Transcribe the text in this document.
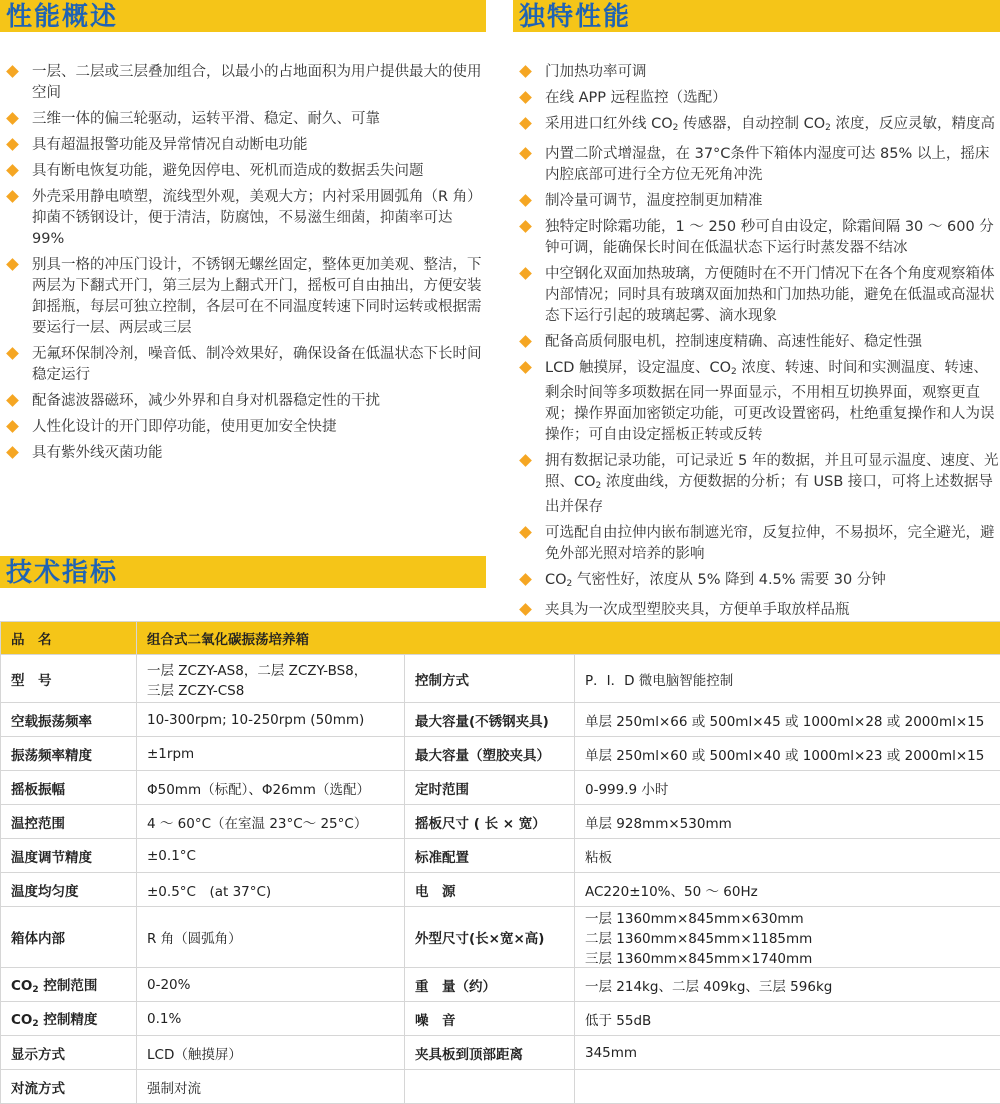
性能概述	独特性能
技术指标
一层、二层或三层叠加组合，以最小的占地面积为用户提供最大的使用空间
三维一体的偏三轮驱动，运转平滑、稳定、耐久、可靠
具有超温报警功能及异常情况自动断电功能
具有断电恢复功能，避免因停电、死机而造成的数据丢失问题
外壳采用静电喷塑，流线型外观，美观大方；内衬采用圆弧角（R 角）抑菌不锈钢设计，便于清洁，防腐蚀，不易滋生细菌，抑菌率可达 99%
别具一格的冲压门设计，不锈钢无螺丝固定，整体更加美观、整洁，下两层为下翻式开门，第三层为上翻式开门，摇板可自由抽出，方便安装卸摇瓶，每层可独立控制，各层可在不同温度转速下同时运转或根据需要运行一层、两层或三层
无氟环保制冷剂，噪音低、制冷效果好，确保设备在低温状态下长时间稳定运行
配备滤波器磁环，减少外界和自身对机器稳定性的干扰
人性化设计的开门即停功能，使用更加安全快捷
具有紫外线灭菌功能
门加热功率可调
在线 APP 远程监控（选配）
采用进口红外线 $CO_2$ 传感器，自动控制 $CO_2$ 浓度，反应灵敏，精度高
内置二阶式增湿盘，在 37°C条件下箱体内湿度可达 85% 以上，摇床内腔底部可进行全方位无死角冲洗
制冷量可调节，温度控制更加精准
独特定时除霜功能，1 ～ 250 秒可自由设定，除霜间隔 30 ～ 600 分钟可调，能确保长时间在低温状态下运行时蒸发器不结冰
中空钢化双面加热玻璃，方便随时在不开门情况下在各个角度观察箱体内部情况；同时具有玻璃双面加热和门加热功能，避免在低温或高湿状态下运行引起的玻璃起雾、滴水现象
配备高质伺服电机，控制速度精确、高速性能好、稳定性强
LCD 触摸屏，设定温度、$CO_2$ 浓度、转速、时间和实测温度、转速、剩余时间等多项数据在同一界面显示，不用相互切换界面，观察更直观；操作界面加密锁定功能，可更改设置密码，杜绝重复操作和人为误操作；可自由设定摇板正转或反转
拥有数据记录功能，可记录近 5 年的数据，并且可显示温度、速度、光照、$CO_2$ 浓度曲线，方便数据的分析；有 USB 接口，可将上述数据导出并保存
可选配自由拉伸内嵌布制遮光帘，反复拉伸，不易损坏，完全避光，避免外部光照对培养的影响
$CO_2$ 气密性好，浓度从 5% 降到 4.5% 需要 30 分钟
夹具为一次成型塑胶夹具，方便单手取放样品瓶
品　名	组合式二氧化碳振荡培养箱		
型　号	一层 ZCZY-AS8，二层 ZCZY-BS8，
三层 ZCZY-CS8	控制方式	P．I．D 微电脑智能控制
空载振荡频率	10-300rpm; 10-250rpm (50mm)	最大容量(不锈钢夹具)	单层 250ml×66 或 500ml×45 或 1000ml×28 或 2000ml×15
振荡频率精度	±1rpm	最大容量（塑胶夹具）	单层 250ml×60 或 500ml×40 或 1000ml×23 或 2000ml×15
摇板振幅	Φ50mm（标配）、Φ26mm（选配）	定时范围	0-999.9 小时
温控范围	4 ～ 60°C（在室温 23°C～ 25°C）	摇板尺寸 ( 长 × 宽）	单层 928mm×530mm
温度调节精度	±0.1°C	标准配置	粘板
温度均匀度	±0.5°C　(at 37°C)	电　源	AC220±10%、50 ～ 60Hz
箱体内部	R 角（圆弧角）	外型尺寸(长×宽×高)	一层 1360mm×845mm×630mm
二层 1360mm×845mm×1185mm
三层 1360mm×845mm×1740mm
$CO_2$ 控制范围	0-20%	重　量（约）	一层 214kg、二层 409kg、三层 596kg
$CO_2$ 控制精度	0.1%	噪　音	低于 55dB
显示方式	LCD（触摸屏）	夹具板到顶部距离	345mm
对流方式	强制对流		
